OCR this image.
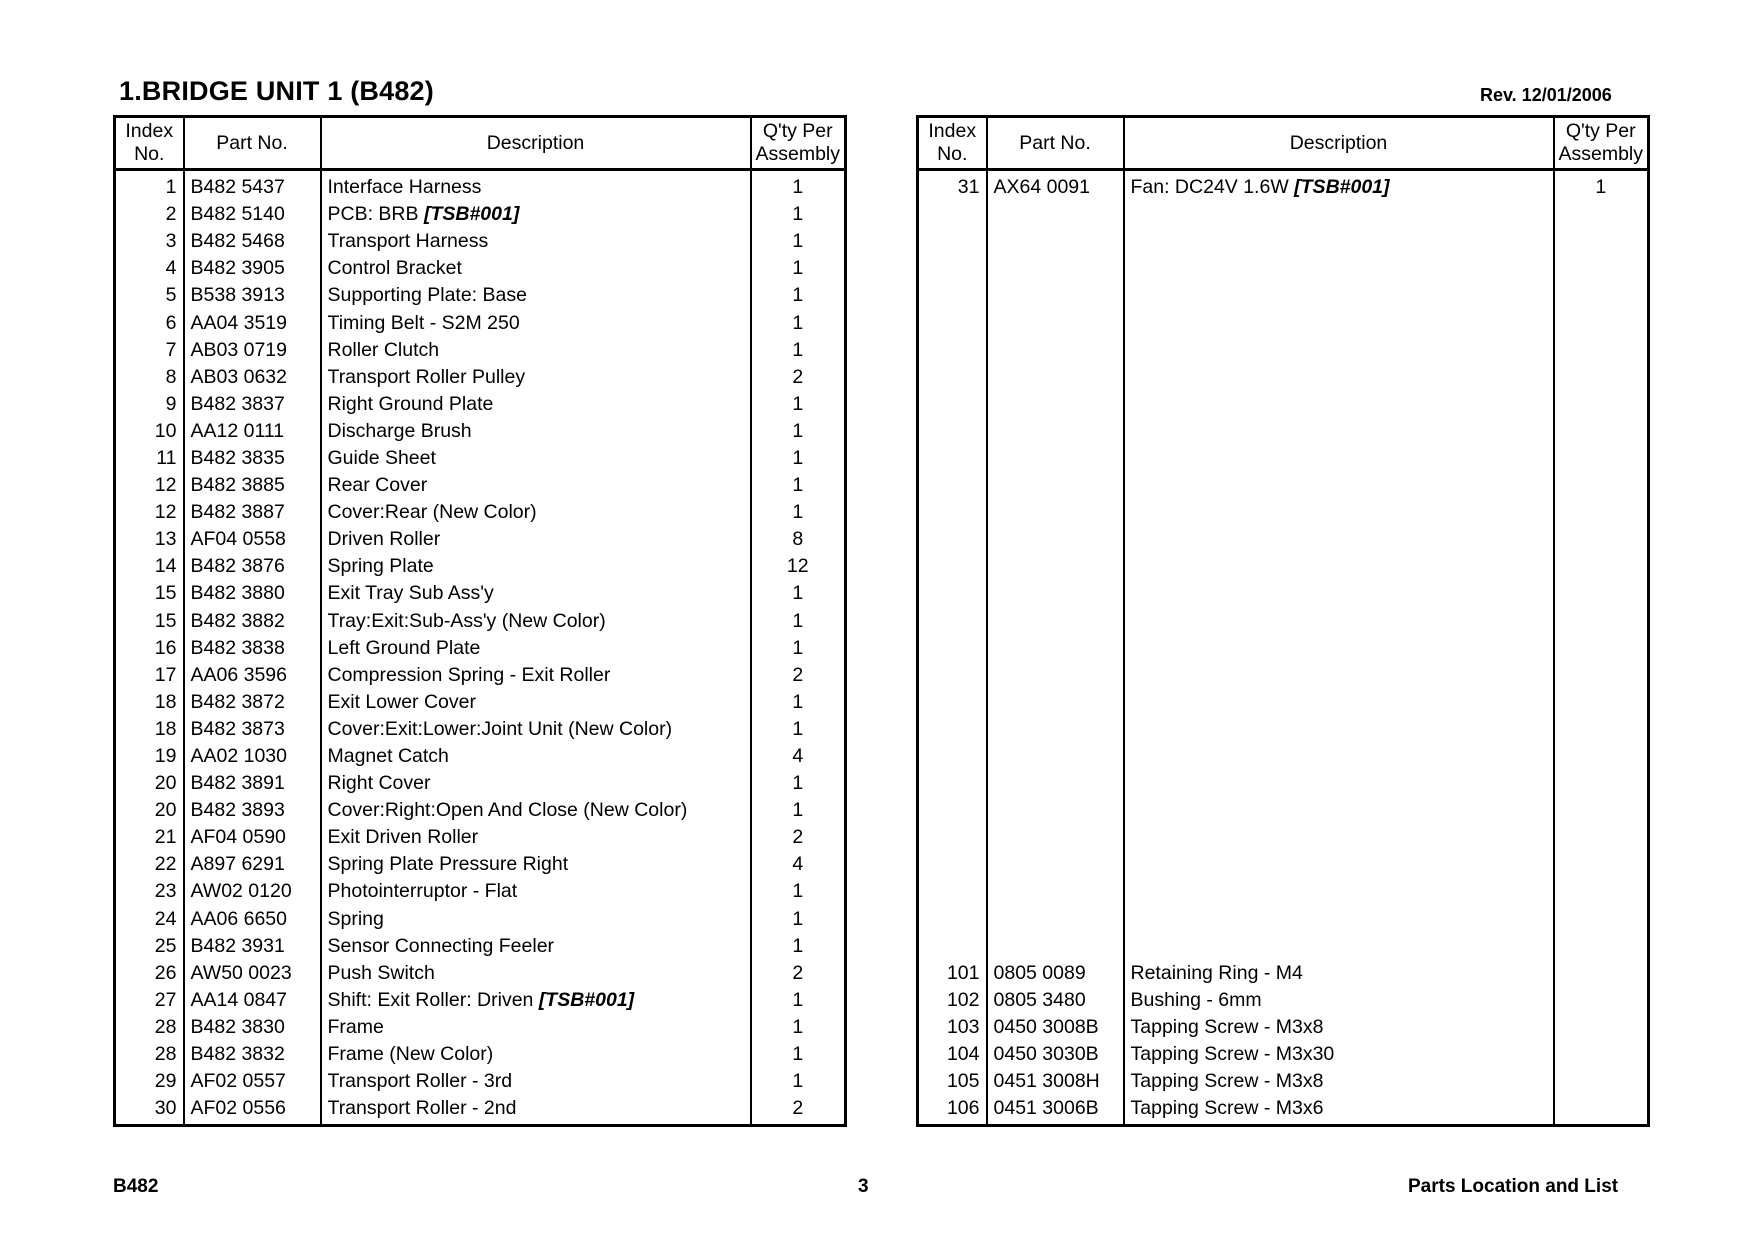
1.BRIDGE UNIT 1 (B482)	Rev. 12/01/2006
Index
No.	Part No.	Description	Q'ty Per
Assembly
1	B482 5437	Interface Harness	1
2	B482 5140	PCB: BRB [TSB#001]	1
3	B482 5468	Transport Harness	1
4	B482 3905	Control Bracket	1
5	B538 3913	Supporting Plate: Base	1
6	AA04 3519	Timing Belt - S2M 250	1
7	AB03 0719	Roller Clutch	1
8	AB03 0632	Transport Roller Pulley	2
9	B482 3837	Right Ground Plate	1
10	AA12 0111	Discharge Brush	1
11	B482 3835	Guide Sheet	1
12	B482 3885	Rear Cover	1
12	B482 3887	Cover:Rear (New Color)	1
13	AF04 0558	Driven Roller	8
14	B482 3876	Spring Plate	12
15	B482 3880	Exit Tray Sub Ass'y	1
15	B482 3882	Tray:Exit:Sub-Ass'y (New Color)	1
16	B482 3838	Left Ground Plate	1
17	AA06 3596	Compression Spring - Exit Roller	2
18	B482 3872	Exit Lower Cover	1
18	B482 3873	Cover:Exit:Lower:Joint Unit (New Color)	1
19	AA02 1030	Magnet Catch	4
20	B482 3891	Right Cover	1
20	B482 3893	Cover:Right:Open And Close (New Color)	1
21	AF04 0590	Exit Driven Roller	2
22	A897 6291	Spring Plate Pressure Right	4
23	AW02 0120	Photointerruptor - Flat	1
24	AA06 6650	Spring	1
25	B482 3931	Sensor Connecting Feeler	1
26	AW50 0023	Push Switch	2
27	AA14 0847	Shift: Exit Roller: Driven [TSB#001]	1
28	B482 3830	Frame	1
28	B482 3832	Frame (New Color)	1
29	AF02 0557	Transport Roller - 3rd	1
30	AF02 0556	Transport Roller - 2nd	2
Index
No.	Part No.	Description	Q'ty Per
Assembly
31	AX64 0091	Fan: DC24V 1.6W [TSB#001]	1

101	0805 0089	Retaining Ring - M4	
102	0805 3480	Bushing - 6mm	
103	0450 3008B	Tapping Screw - M3x8	
104	0450 3030B	Tapping Screw - M3x30	
105	0451 3008H	Tapping Screw - M3x8	
106	0451 3006B	Tapping Screw - M3x6	
B482	3	Parts Location and List
